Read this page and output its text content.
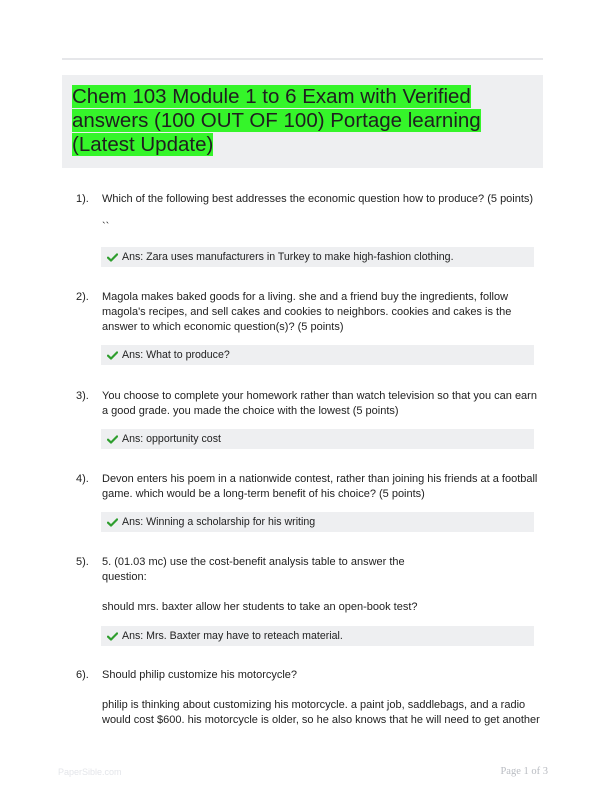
Chem 103 Module 1 to 6 Exam with Verified answers (100 OUT OF 100) Portage learning (Latest Update)

1). Which of the following best addresses the economic question how to produce? (5 points)
``
Ans: Zara uses manufacturers in Turkey to make high-fashion clothing.
2). Magola makes baked goods for a living. she and a friend buy the ingredients, follow magola's recipes, and sell cakes and cookies to neighbors. cookies and cakes is the answer to which economic question(s)? (5 points)
Ans: What to produce?
3). You choose to complete your homework rather than watch television so that you can earn a good grade. you made the choice with the lowest (5 points)
Ans: opportunity cost
4). Devon enters his poem in a nationwide contest, rather than joining his friends at a football game. which would be a long-term benefit of his choice? (5 points)
Ans: Winning a scholarship for his writing
5). 5. (01.03 mc) use the cost-benefit analysis table to answer the question:
should mrs. baxter allow her students to take an open-book test?
Ans: Mrs. Baxter may have to reteach material.
6). Should philip customize his motorcycle?
philip is thinking about customizing his motorcycle. a paint job, saddlebags, and a radio would cost $600. his motorcycle is older, so he also knows that he will need to get another
PaperSible.com	Page 1 of 3
